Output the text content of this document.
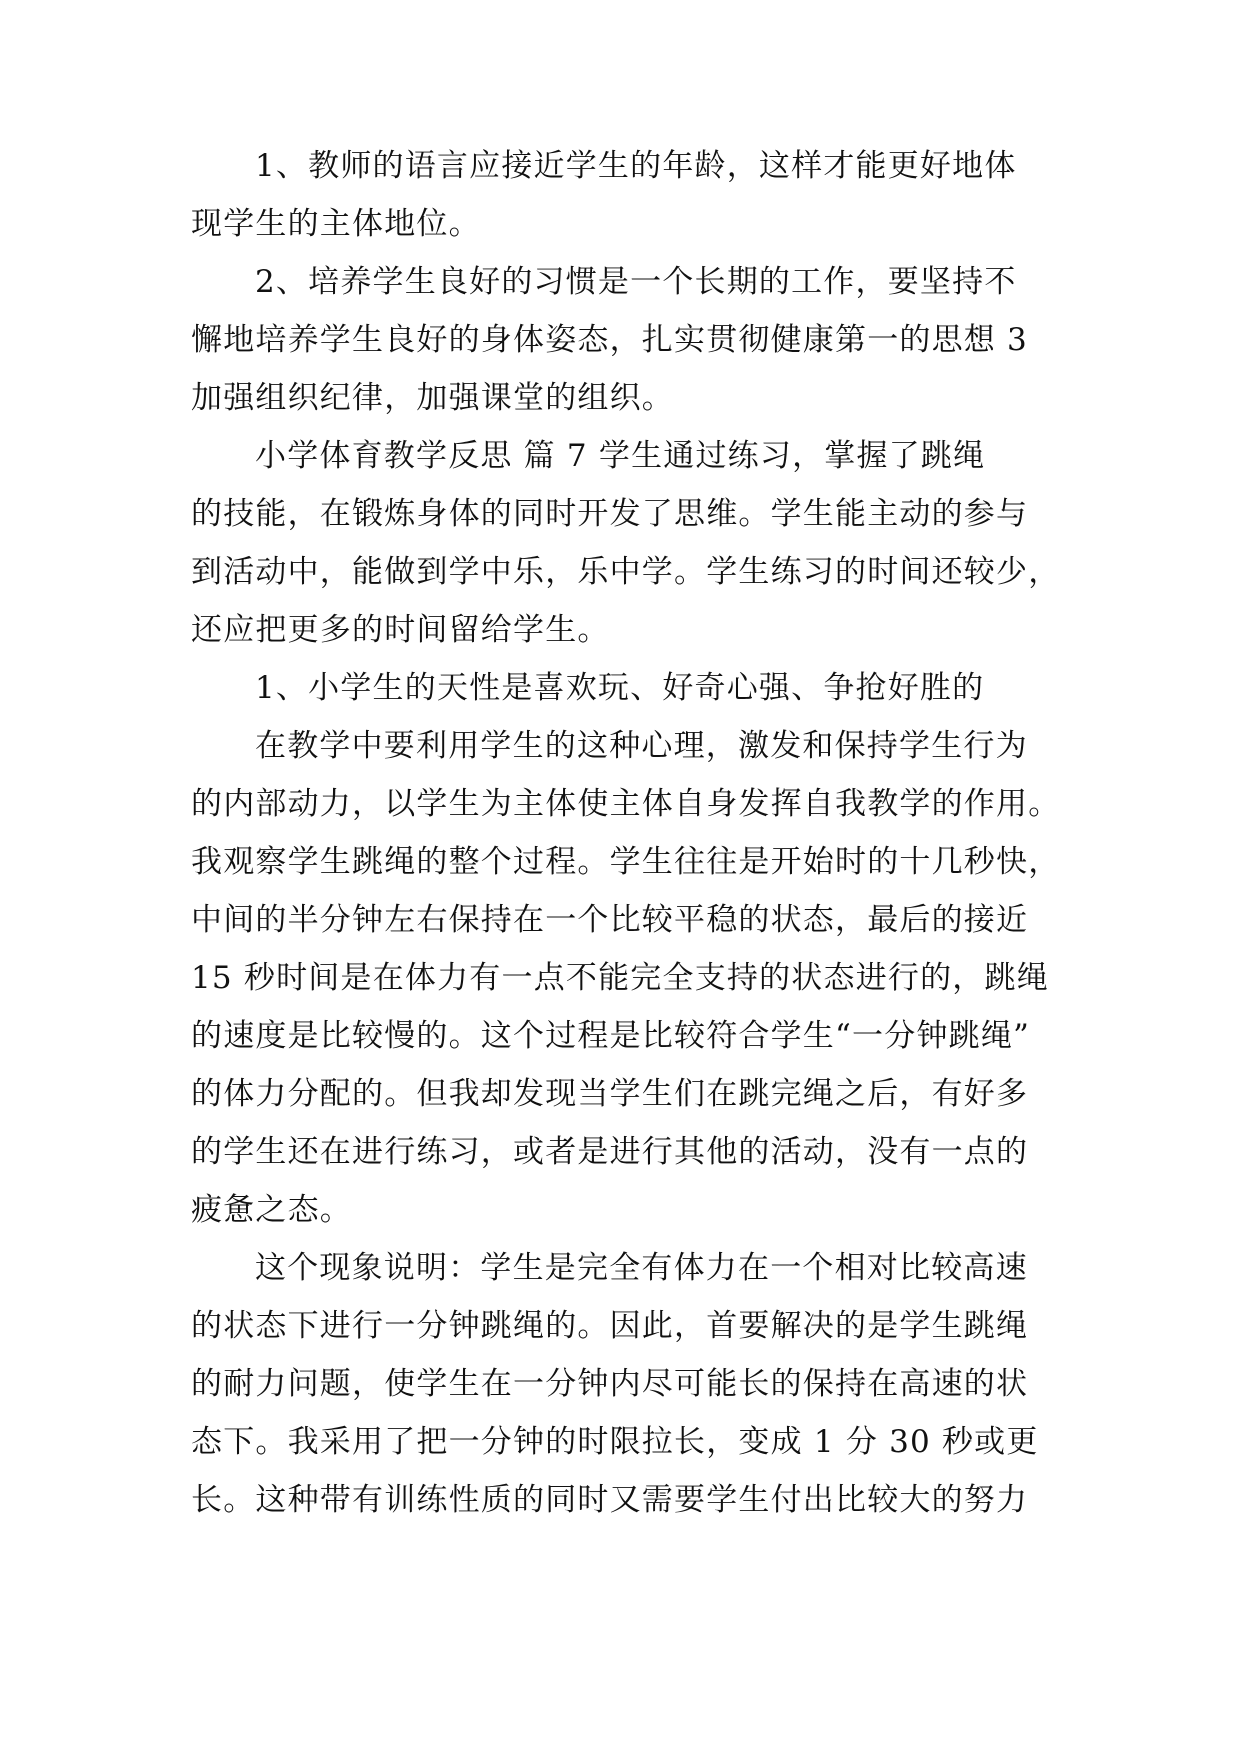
1、教师的语言应接近学生的年龄，这样才能更好地体
现学生的主体地位。
2、培养学生良好的习惯是一个长期的工作，要坚持不
懈地培养学生良好的身体姿态，扎实贯彻健康第一的思想 3
加强组织纪律，加强课堂的组织。
小学体育教学反思 篇 7 学生通过练习，掌握了跳绳
的技能，在锻炼身体的同时开发了思维。学生能主动的参与
到活动中，能做到学中乐，乐中学。学生练习的时间还较少，
还应把更多的时间留给学生。
1、小学生的天性是喜欢玩、好奇心强、争抢好胜的
在教学中要利用学生的这种心理，激发和保持学生行为
的内部动力，以学生为主体使主体自身发挥自我教学的作用。
我观察学生跳绳的整个过程。学生往往是开始时的十几秒快，
中间的半分钟左右保持在一个比较平稳的状态，最后的接近
15 秒时间是在体力有一点不能完全支持的状态进行的，跳绳
的速度是比较慢的。这个过程是比较符合学生“一分钟跳绳”
的体力分配的。但我却发现当学生们在跳完绳之后，有好多
的学生还在进行练习，或者是进行其他的活动，没有一点的
疲惫之态。
这个现象说明：学生是完全有体力在一个相对比较高速
的状态下进行一分钟跳绳的。因此，首要解决的是学生跳绳
的耐力问题，使学生在一分钟内尽可能长的保持在高速的状
态下。我采用了把一分钟的时限拉长，变成 1 分 30 秒或更
长。这种带有训练性质的同时又需要学生付出比较大的努力
